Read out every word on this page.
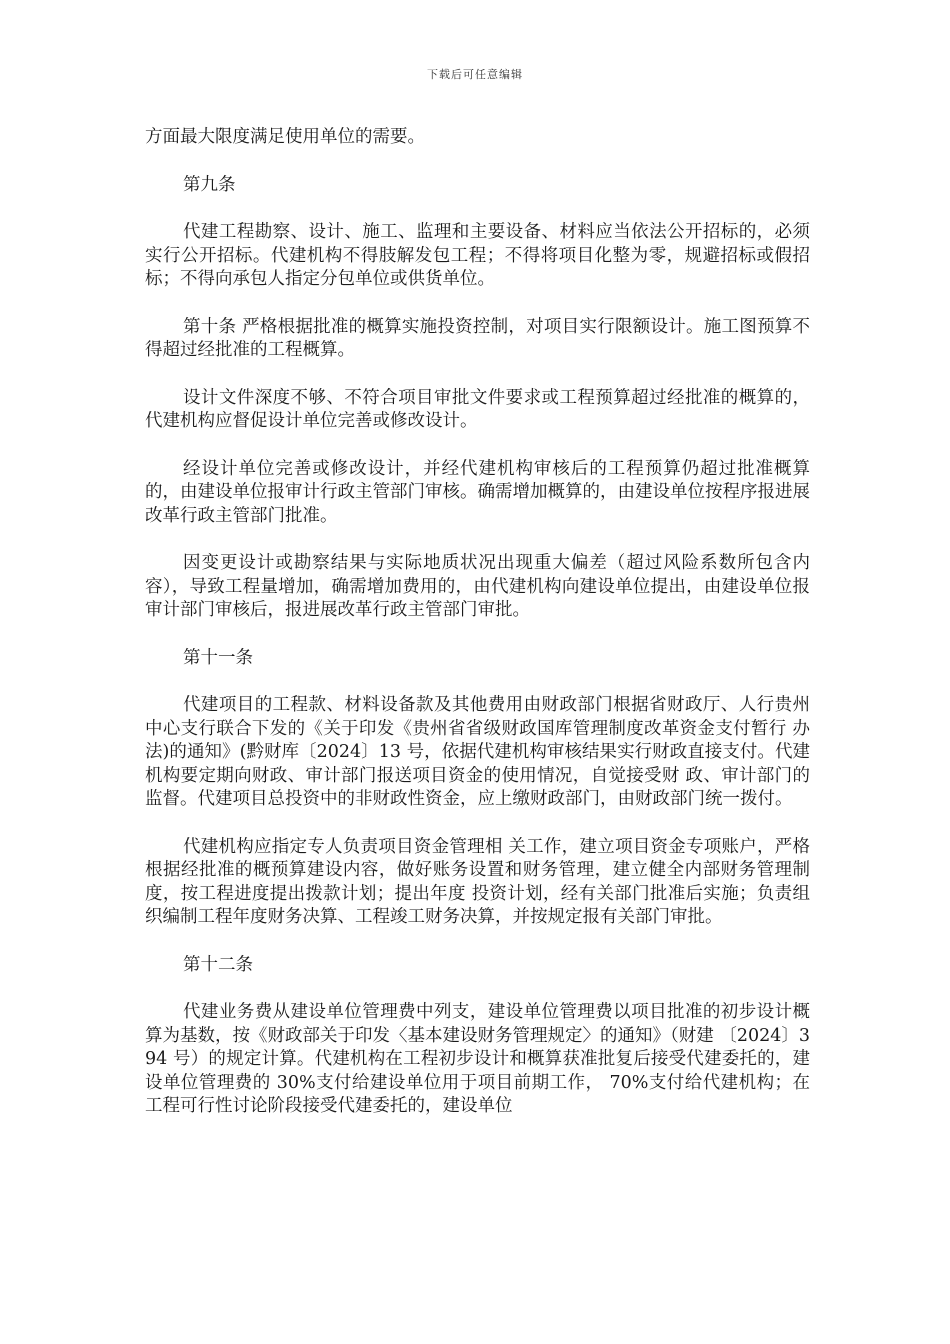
下载后可任意编辑

方面最大限度满足使用单位的需要。

第九条

代建工程勘察、设计、施工、监理和主要设备、材料应当依法公开招标的，必须实行公开招标。代建机构不得肢解发包工程；不得将项目化整为零，规避招标或假招标；不得向承包人指定分包单位或供货单位。

第十条 严格根据批准的概算实施投资控制，对项目实行限额设计。施工图预算不得超过经批准的工程概算。

设计文件深度不够、不符合项目审批文件要求或工程预算超过经批准的概算的，代建机构应督促设计单位完善或修改设计。

经设计单位完善或修改设计，并经代建机构审核后的工程预算仍超过批准概算的，由建设单位报审计行政主管部门审核。确需增加概算的，由建设单位按程序报进展改革行政主管部门批准。

因变更设计或勘察结果与实际地质状况出现重大偏差（超过风险系数所包含内容），导致工程量增加，确需增加费用的，由代建机构向建设单位提出，由建设单位报审计部门审核后，报进展改革行政主管部门审批。

第十一条

代建项目的工程款、材料设备款及其他费用由财政部门根据省财政厅、人行贵州中心支行联合下发的《关于印发《贵州省省级财政国库管理制度改革资金支付暂行 办法)的通知》(黔财库〔2024〕13 号，依据代建机构审核结果实行财政直接支付。代建机构要定期向财政、审计部门报送项目资金的使用情况，自觉接受财 政、审计部门的监督。代建项目总投资中的非财政性资金，应上缴财政部门，由财政部门统一拨付。

代建机构应指定专人负责项目资金管理相 关工作，建立项目资金专项账户，严格根据经批准的概预算建设内容，做好账务设置和财务管理，建立健全内部财务管理制度，按工程进度提出拨款计划；提出年度 投资计划，经有关部门批准后实施；负责组织编制工程年度财务决算、工程竣工财务决算，并按规定报有关部门审批。

第十二条

代建业务费从建设单位管理费中列支，建设单位管理费以项目批准的初步设计概算为基数，按《财政部关于印发〈基本建设财务管理规定〉的通知》（财建 〔2024〕394 号）的规定计算。代建机构在工程初步设计和概算获准批复后接受代建委托的，建设单位管理费的 30%支付给建设单位用于项目前期工作， 70%支付给代建机构；在工程可行性讨论阶段接受代建委托的，建设单位
